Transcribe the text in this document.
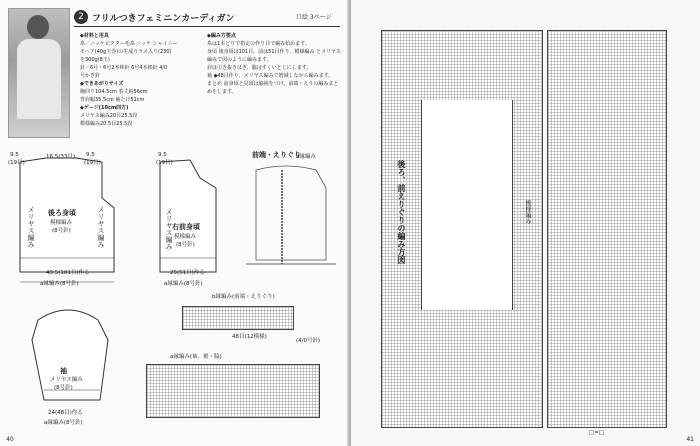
2 フリルつきフェミニンカーディガン	口絵 3ページ
◆材料と用具
糸／ニッケビクター毛糸 ニッケ シャイニー
モヘア(40g玉巻)の生成りラメ入り(230)
を300g(8玉)
針／6号・6号2本棒針 6号4本棒針 4/0
号かぎ針
◆できあがりサイズ
胸回り104.5cm 着丈約56cm
背肩幅35.5cm 袖たけ51cm
◆ゲージ(10cm四方)
メリヤス編み20目25.5段
模様編み20.5目25.5段
◆編み方要点
糸は1本どりで指定の作り目で編み始めます。
身頃 後身頃は101目、前は51目作り、模様編み とメリヤス編みで図のように編みます。
肩は引き抜きはぎ、脇はすくいとじにします。
袖 ◆48目作り、メリヤス編みで増減しながら編みます。
まとめ 前身頃と見頃は脇袖をつけ、前端・えりの編みまとめをします。
9.5
(19目)
16.5(33目) 9.5
(19目)
後ろ身頃
模様編み
(8号針)
メリヤス編み	メリヤス編み
49.5(101目)作る
a縁編み(8号針)
9.5
(19目)
右前身頃
模様編み
(8号針)
メリヤス編み
25(51目)作る
a縁編み(8号針)
前端・えりぐり
a縁編み
b縁編み(前端・えりぐり)
48目(12模様)
(4/0号針)
a縁編み(袖、裾・脇)
袖
メリヤス編み
(8号針)
24(48目)作る
a縁編み(8号針)
40
後ろ、前えりぐりの編み方図	模様編み
□=□
41
